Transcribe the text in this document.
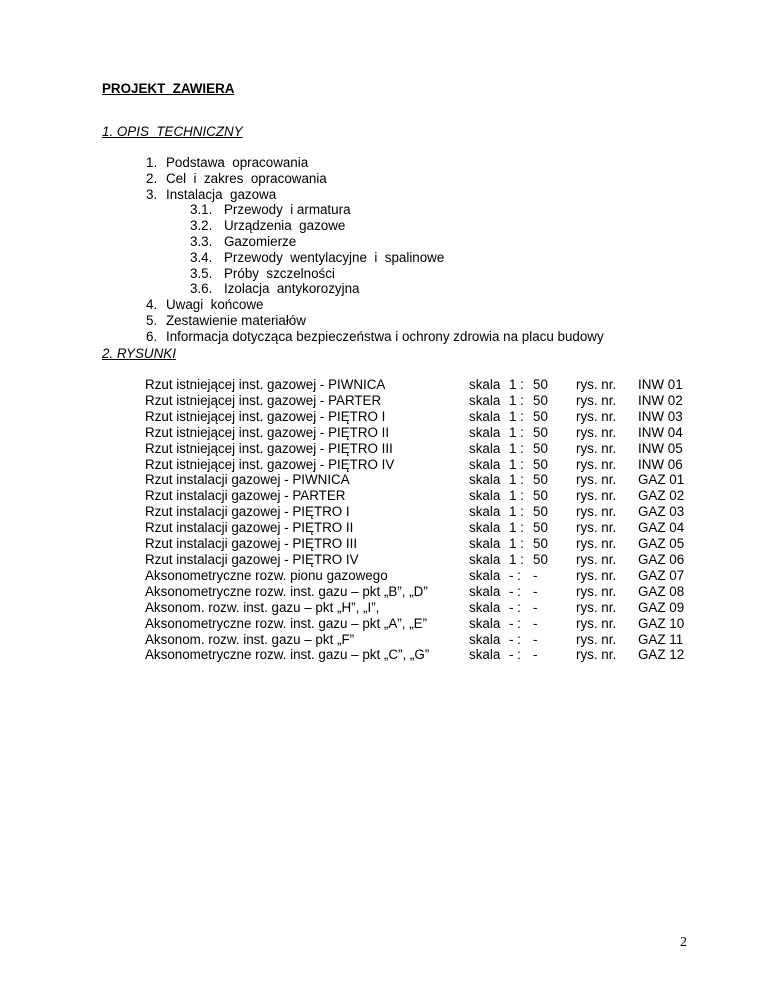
PROJEKT  ZAWIERA
1. OPIS  TECHNICZNY
1. Podstawa  opracowania
2. Cel  i  zakres  opracowania
3. Instalacja  gazowa
3.1. Przewody  i armatura
3.2. Urządzenia  gazowe
3.3. Gazomierze
3.4. Przewody  wentylacyjne  i  spalinowe
3.5. Próby  szczelności
3.6. Izolacja  antykorozyjna
4. Uwagi  końcowe
5. Zestawienie materiałów
6. Informacja dotycząca bezpieczeństwa i ochrony zdrowia na placu budowy
2. RYSUNKI
Rzut istniejącej inst. gazowej - PIWNICA	skala 1 : 50 rys. nr. INW 01
Rzut istniejącej inst. gazowej - PARTER	skala 1 : 50 rys. nr. INW 02
Rzut istniejącej inst. gazowej - PIĘTRO I	skala 1 : 50 rys. nr. INW 03
Rzut istniejącej inst. gazowej - PIĘTRO II	skala 1 : 50 rys. nr. INW 04
Rzut istniejącej inst. gazowej - PIĘTRO III	skala 1 : 50 rys. nr. INW 05
Rzut istniejącej inst. gazowej - PIĘTRO IV	skala 1 : 50 rys. nr. INW 06
Rzut instalacji gazowej - PIWNICA	skala 1 : 50 rys. nr. GAZ 01
Rzut instalacji gazowej - PARTER	skala 1 : 50 rys. nr. GAZ 02
Rzut instalacji gazowej - PIĘTRO I	skala 1 : 50 rys. nr. GAZ 03
Rzut instalacji gazowej - PIĘTRO II	skala 1 : 50 rys. nr. GAZ 04
Rzut instalacji gazowej - PIĘTRO III	skala 1 : 50 rys. nr. GAZ 05
Rzut instalacji gazowej - PIĘTRO IV	skala 1 : 50 rys. nr. GAZ 06
Aksonometryczne rozw. pionu gazowego	skala - : -	rys. nr. GAZ 07
Aksonometryczne rozw. inst. gazu – pkt „B”, „D”	skala - : -	rys. nr. GAZ 08
Aksonom. rozw. inst. gazu – pkt „H”, „I”,	skala - : -	rys. nr. GAZ 09
Aksonometryczne rozw. inst. gazu – pkt „A”, „E”	skala - : -	rys. nr. GAZ 10
Aksonom. rozw. inst. gazu – pkt „F”	skala - : -	rys. nr. GAZ 11
Aksonometryczne rozw. inst. gazu – pkt „C”, „G”	skala - : -	rys. nr. GAZ 12
2
